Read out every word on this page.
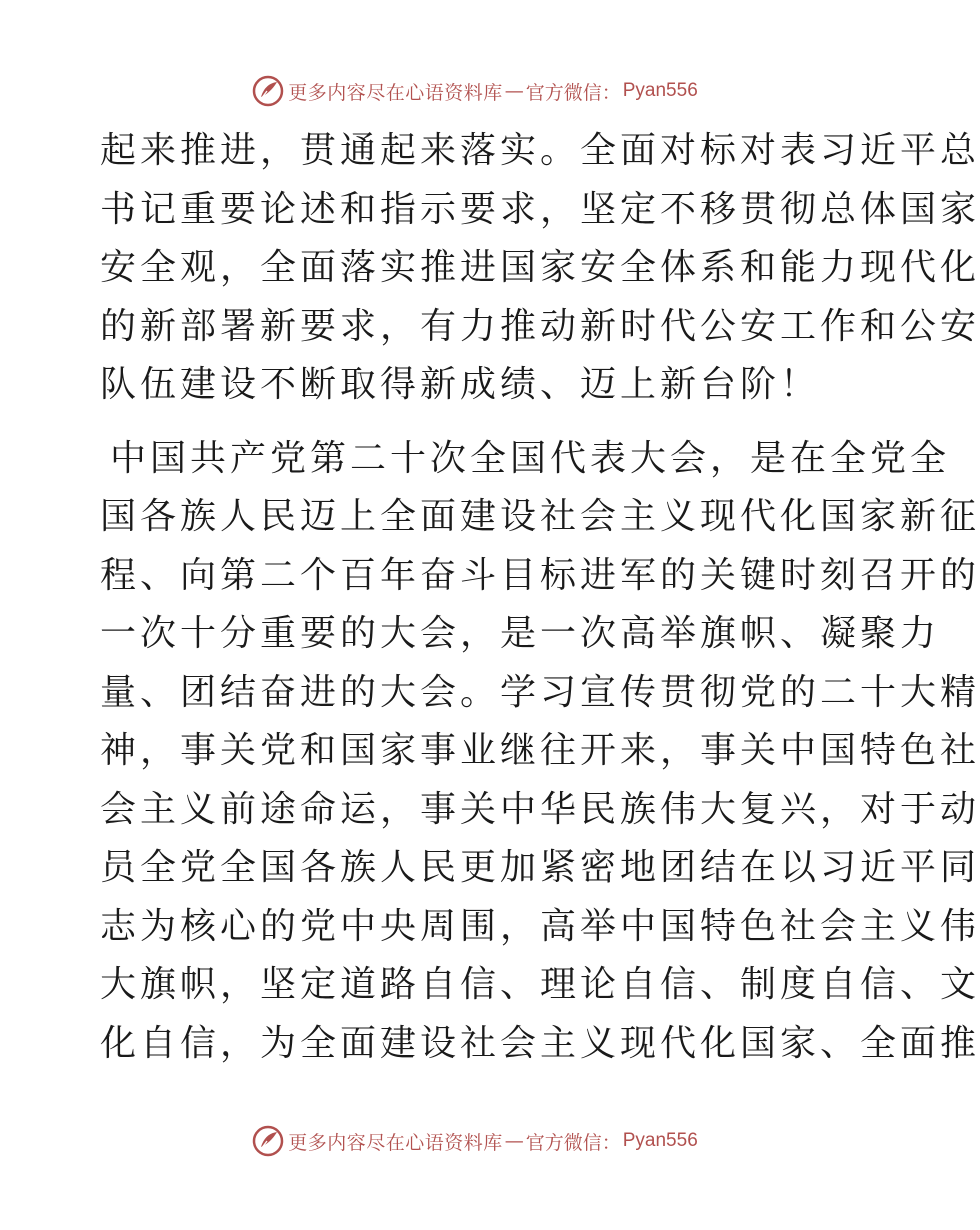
更多内容尽在心语资料库 — 官方微信： Pyan556
起来推进，贯通起来落实。全面对标对表习近平总
书记重要论述和指示要求，坚定不移贯彻总体国家
安全观，全面落实推进国家安全体系和能力现代化
的新部署新要求，有力推动新时代公安工作和公安
队伍建设不断取得新成绩、迈上新台阶！
中国共产党第二十次全国代表大会，是在全党全
国各族人民迈上全面建设社会主义现代化国家新征
程、向第二个百年奋斗目标进军的关键时刻召开的
一次十分重要的大会，是一次高举旗帜、凝聚力
量、团结奋进的大会。学习宣传贯彻党的二十大精
神，事关党和国家事业继往开来，事关中国特色社
会主义前途命运，事关中华民族伟大复兴，对于动
员全党全国各族人民更加紧密地团结在以习近平同
志为核心的党中央周围，高举中国特色社会主义伟
大旗帜，坚定道路自信、理论自信、制度自信、文
化自信，为全面建设社会主义现代化国家、全面推
更多内容尽在心语资料库 — 官方微信： Pyan556
